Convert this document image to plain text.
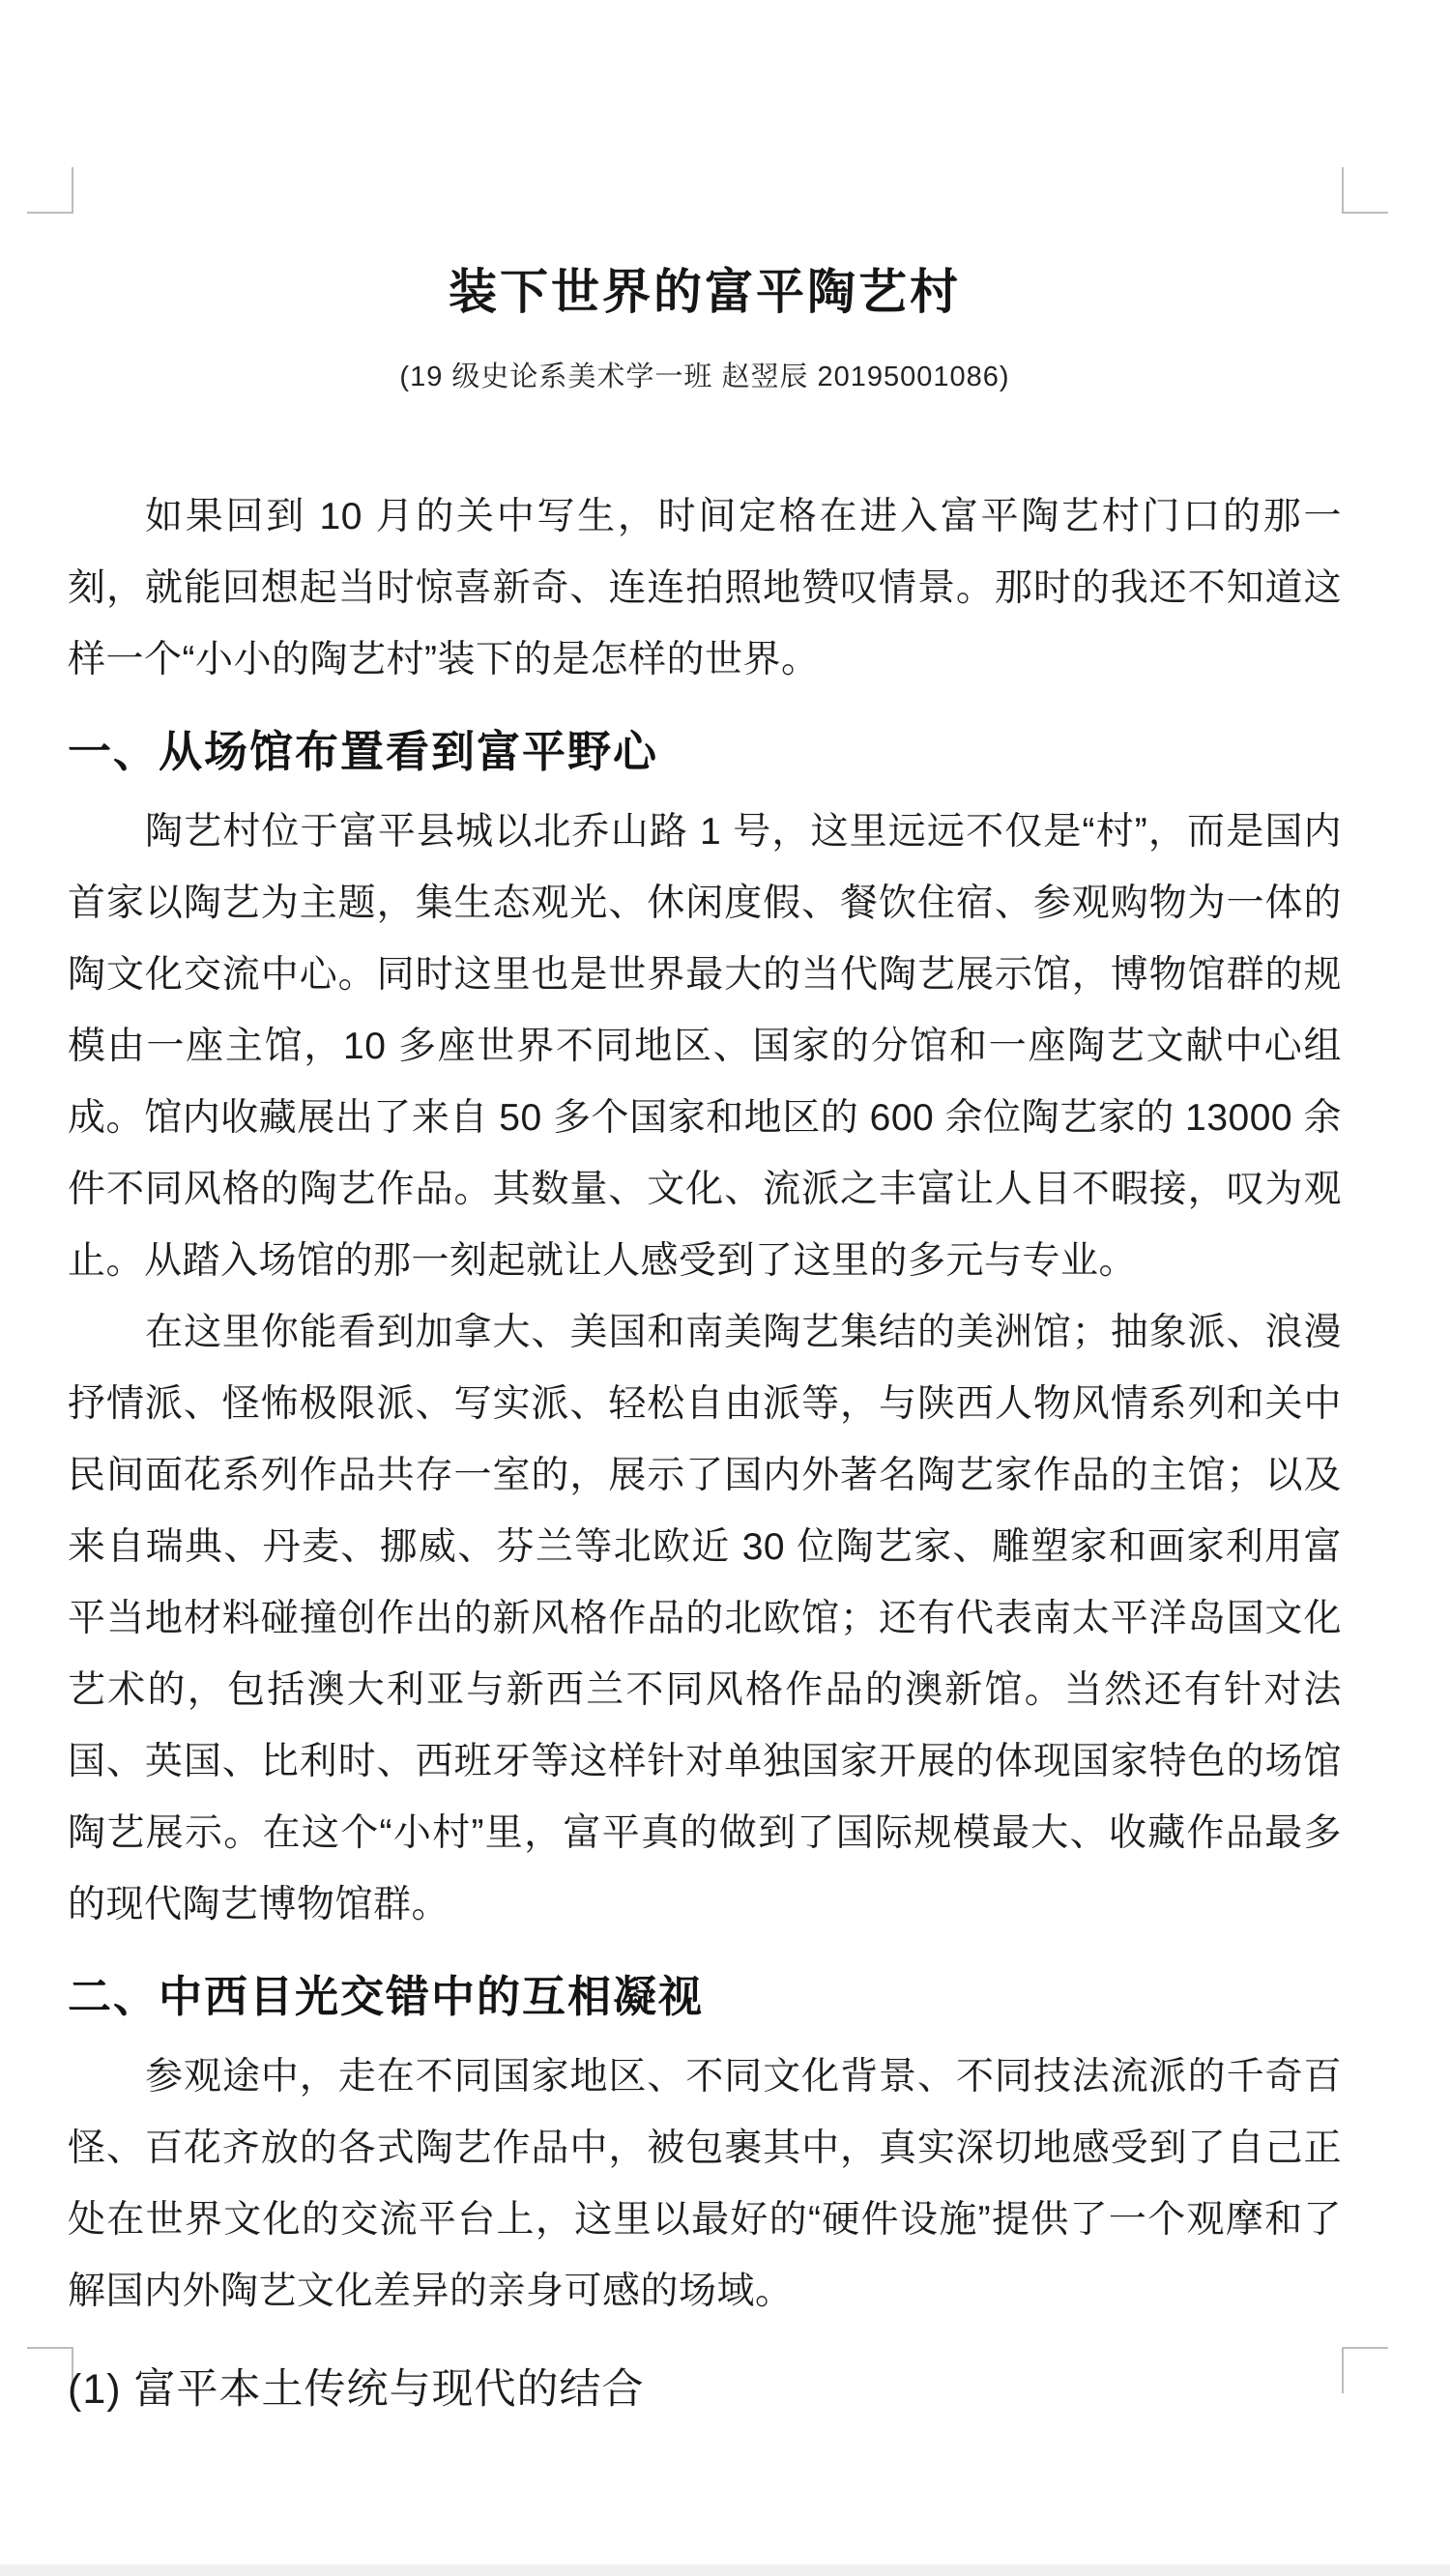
装下世界的富平陶艺村
(19 级史论系美术学一班 赵翌辰 20195001086)

如果回到 10 月的关中写生，时间定格在进入富平陶艺村门口的那一刻，就能回想起当时惊喜新奇、连连拍照地赞叹情景。那时的我还不知道这样一个“小小的陶艺村”装下的是怎样的世界。

一、从场馆布置看到富平野心

陶艺村位于富平县城以北乔山路 1 号，这里远远不仅是“村”，而是国内首家以陶艺为主题，集生态观光、休闲度假、餐饮住宿、参观购物为一体的陶文化交流中心。同时这里也是世界最大的当代陶艺展示馆，博物馆群的规模由一座主馆，10 多座世界不同地区、国家的分馆和一座陶艺文献中心组成。馆内收藏展出了来自 50 多个国家和地区的 600 余位陶艺家的 13000 余件不同风格的陶艺作品。其数量、文化、流派之丰富让人目不暇接，叹为观止。从踏入场馆的那一刻起就让人感受到了这里的多元与专业。

在这里你能看到加拿大、美国和南美陶艺集结的美洲馆；抽象派、浪漫抒情派、怪怖极限派、写实派、轻松自由派等，与陕西人物风情系列和关中民间面花系列作品共存一室的，展示了国内外著名陶艺家作品的主馆；以及来自瑞典、丹麦、挪威、芬兰等北欧近 30 位陶艺家、雕塑家和画家利用富平当地材料碰撞创作出的新风格作品的北欧馆；还有代表南太平洋岛国文化艺术的，包括澳大利亚与新西兰不同风格作品的澳新馆。当然还有针对法国、英国、比利时、西班牙等这样针对单独国家开展的体现国家特色的场馆陶艺展示。在这个“小村”里，富平真的做到了国际规模最大、收藏作品最多的现代陶艺博物馆群。

二、中西目光交错中的互相凝视

参观途中，走在不同国家地区、不同文化背景、不同技法流派的千奇百怪、百花齐放的各式陶艺作品中，被包裹其中，真实深切地感受到了自己正处在世界文化的交流平台上，这里以最好的“硬件设施”提供了一个观摩和了解国内外陶艺文化差异的亲身可感的场域。

(1) 富平本土传统与现代的结合
